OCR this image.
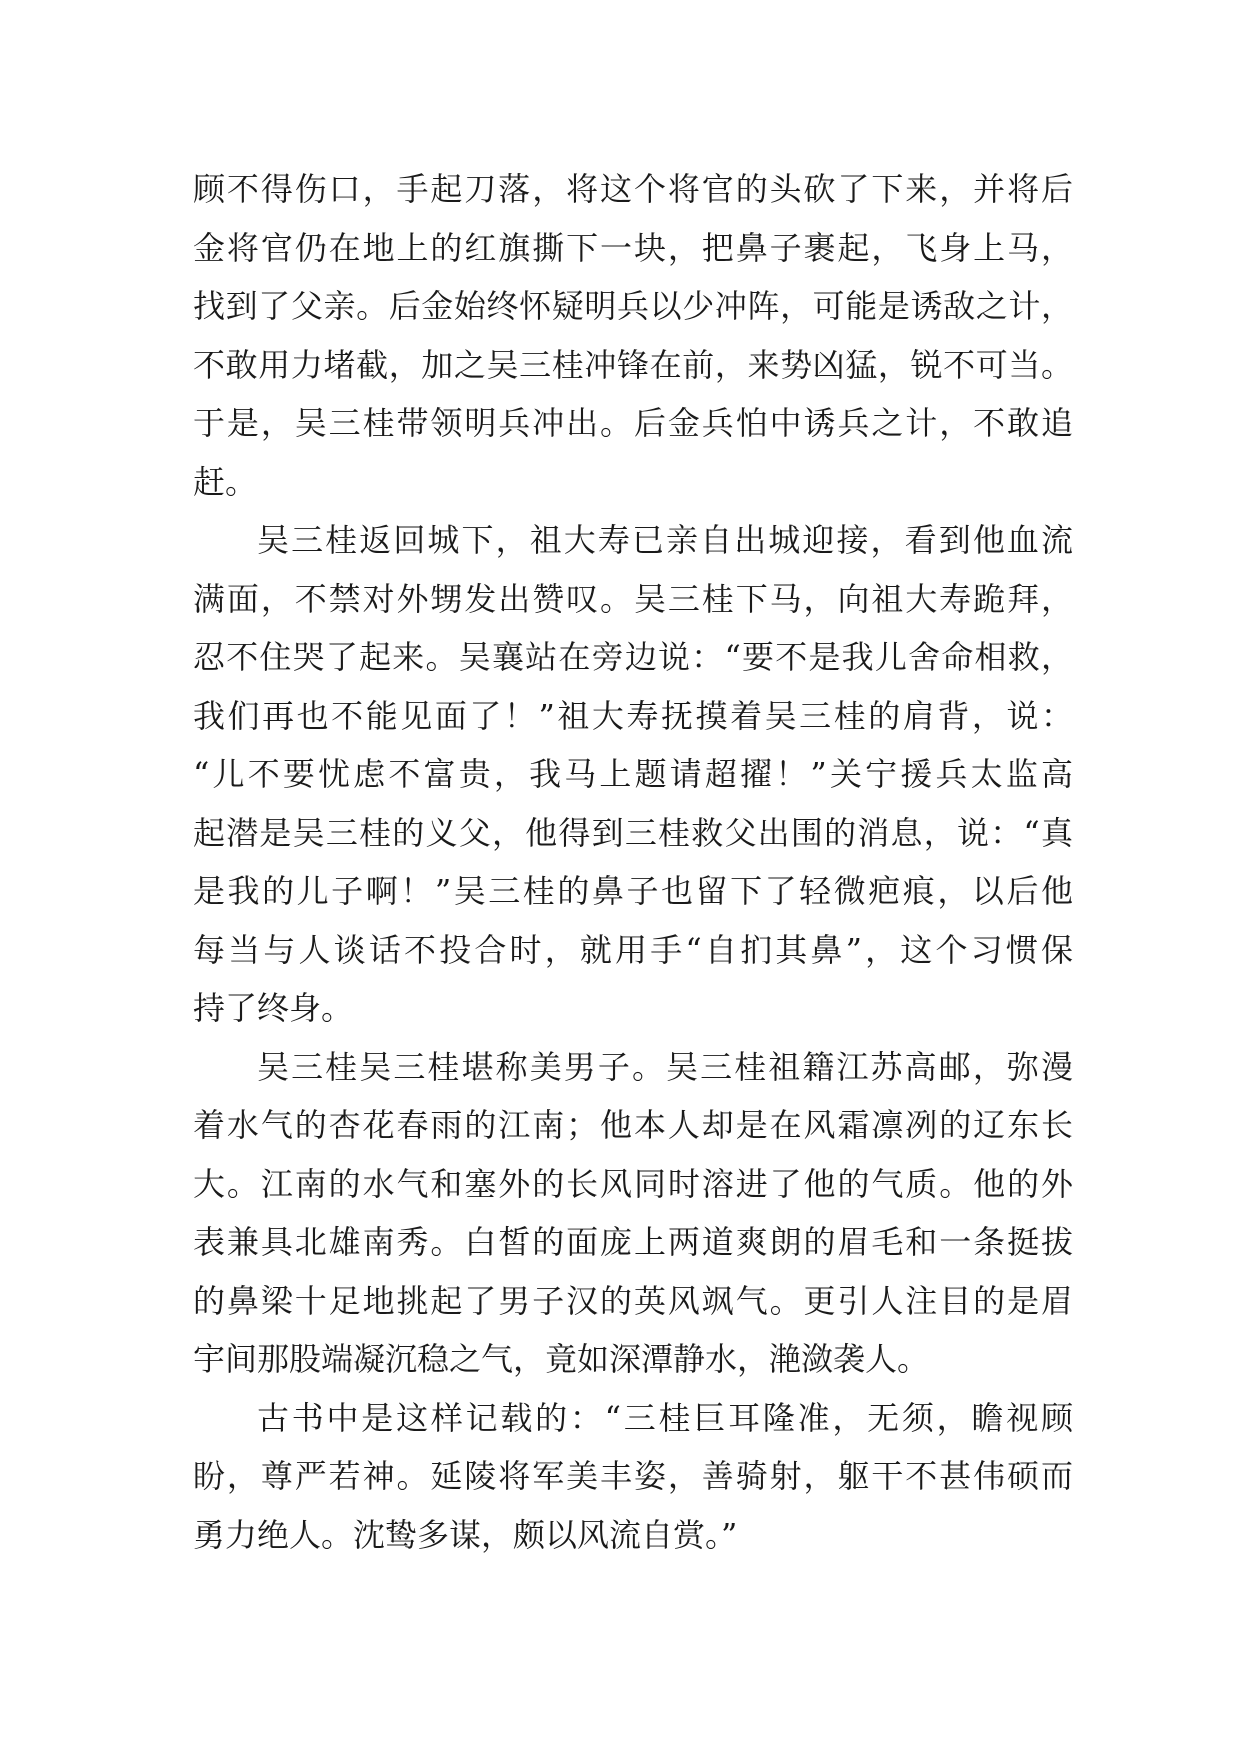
顾不得伤口，手起刀落，将这个将官的头砍了下来，并将后
金将官仍在地上的红旗撕下一块，把鼻子裹起，飞身上马，
找到了父亲。后金始终怀疑明兵以少冲阵，可能是诱敌之计，
不敢用力堵截，加之吴三桂冲锋在前，来势凶猛，锐不可当。
于是，吴三桂带领明兵冲出。后金兵怕中诱兵之计，不敢追
赶。
吴三桂返回城下，祖大寿已亲自出城迎接，看到他血流
满面，不禁对外甥发出赞叹。吴三桂下马，向祖大寿跪拜，
忍不住哭了起来。吴襄站在旁边说：“要不是我儿舍命相救，
我们再也不能见面了！”祖大寿抚摸着吴三桂的肩背，说：
“儿不要忧虑不富贵，我马上题请超擢！”关宁援兵太监高
起潜是吴三桂的义父，他得到三桂救父出围的消息，说：“真
是我的儿子啊！”吴三桂的鼻子也留下了轻微疤痕，以后他
每当与人谈话不投合时，就用手“自扪其鼻”，这个习惯保
持了终身。
吴三桂吴三桂堪称美男子。吴三桂祖籍江苏高邮，弥漫
着水气的杏花春雨的江南；他本人却是在风霜凛冽的辽东长
大。江南的水气和塞外的长风同时溶进了他的气质。他的外
表兼具北雄南秀。白皙的面庞上两道爽朗的眉毛和一条挺拔
的鼻梁十足地挑起了男子汉的英风飒气。更引人注目的是眉
宇间那股端凝沉稳之气，竟如深潭静水，滟潋袭人。
古书中是这样记载的：“三桂巨耳隆准，无须，瞻视顾
盼，尊严若神。延陵将军美丰姿，善骑射，躯干不甚伟硕而
勇力绝人。沈鸷多谋，颇以风流自赏。”
